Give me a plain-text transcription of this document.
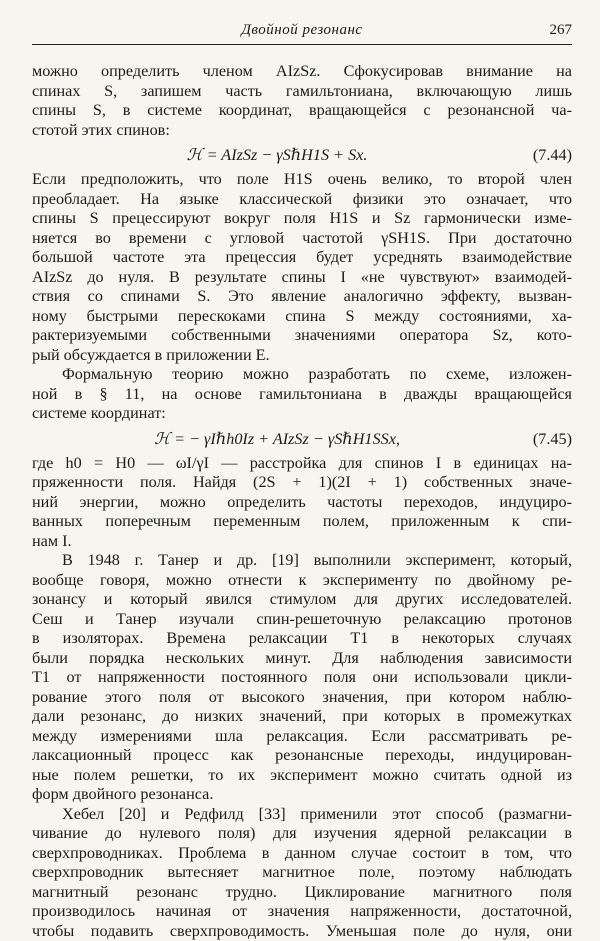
Двойной резонанс	267
можно определить членом AIzSz. Сфокусировав внимание на
спинах S, запишем часть гамильтониана, включающую лишь
спины S, в системе координат, вращающейся с резонансной ча-
стотой этих спинов:
ℋ = AIzSz − γSℏH1S + Sx.	(7.44)
Если предположить, что поле H1S очень велико, то второй член
преобладает. На языке классической физики это означает, что
спины S прецессируют вокруг поля H1S и Sz гармонически изме-
няется во времени с угловой частотой γSH1S. При достаточно
большой частоте эта прецессия будет усреднять взаимодействие
AIzSz до нуля. В результате спины I «не чувствуют» взаимодей-
ствия со спинами S. Это явление аналогично эффекту, вызван-
ному быстрыми перескоками спина S между состояниями, ха-
рактеризуемыми собственными значениями оператора Sz, кото-
рый обсуждается в приложении Е.
Формальную теорию можно разработать по схеме, изложен-
ной в § 11, на основе гамильтониана в дважды вращающейся
системе координат:
ℋ = − γIℏh0Iz + AIzSz − γSℏH1SSx,	(7.45)
где h0 = H0 — ωI/γI — расстройка для спинов I в единицах на-
пряженности поля. Найдя (2S + 1)(2I + 1) собственных значе-
ний энергии, можно определить частоты переходов, индуциро-
ванных поперечным переменным полем, приложенным к спи-
нам I.
В 1948 г. Танер и др. [19] выполнили эксперимент, который,
вообще говоря, можно отнести к эксперименту по двойному ре-
зонансу и который явился стимулом для других исследователей.
Сеш и Танер изучали спин-решеточную релаксацию протонов
в изоляторах. Времена релаксации T1 в некоторых случаях
были порядка нескольких минут. Для наблюдения зависимости
T1 от напряженности постоянного поля они использовали цикли-
рование этого поля от высокого значения, при котором наблю-
дали резонанс, до низких значений, при которых в промежутках
между измерениями шла релаксация. Если рассматривать ре-
лаксационный процесс как резонансные переходы, индуцирован-
ные полем решетки, то их эксперимент можно считать одной из
форм двойного резонанса.
Хебел [20] и Редфилд [33] применили этот способ (размагни-
чивание до нулевого поля) для изучения ядерной релаксации в
сверхпроводниках. Проблема в данном случае состоит в том, что
сверхпроводник вытесняет магнитное поле, поэтому наблюдать
магнитный резонанс трудно. Циклирование магнитного поля
производилось начиная от значения напряженности, достаточной,
чтобы подавить сверхпроводимость. Уменьшая поле до нуля, они
